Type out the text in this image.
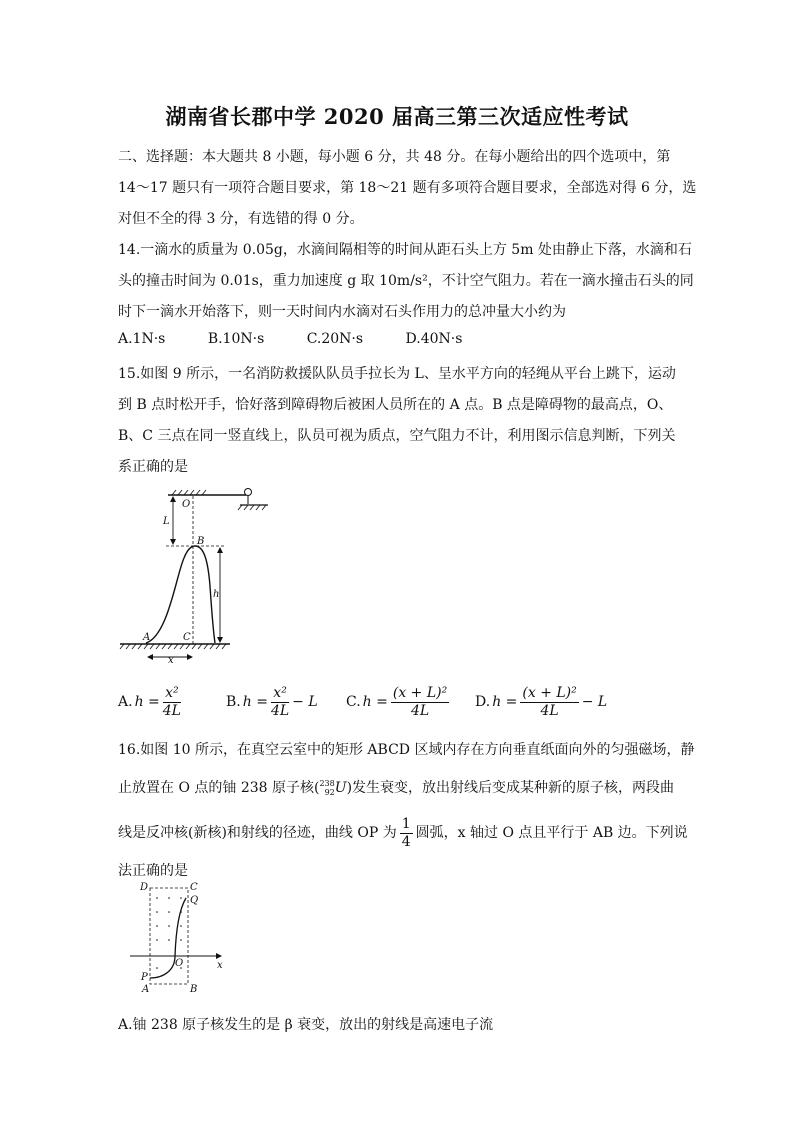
湖南省长郡中学 2020 届高三第三次适应性考试
二、选择题：本大题共 8 小题，每小题 6 分，共 48 分。在每小题给出的四个选项中，第
14～17 题只有一项符合题目要求，第 18～21 题有多项符合题目要求，全部选对得 6 分，选
对但不全的得 3 分，有选错的得 0 分。
14.一滴水的质量为 0.05g，水滴间隔相等的时间从距石头上方 5m 处由静止下落，水滴和石
头的撞击时间为 0.01s，重力加速度 g 取 10m/s²，不计空气阻力。若在一滴水撞击石头的同
时下一滴水开始落下，则一天时间内水滴对石头作用力的总冲量大小约为
A.1N·s	B.10N·s	C.20N·s	D.40N·s
15.如图 9 所示，一名消防救援队队员手拉长为 L、呈水平方向的轻绳从平台上跳下，运动
到 B 点时松开手，恰好落到障碍物后被困人员所在的 A 点。B 点是障碍物的最高点，O、
B、C 三点在同一竖直线上，队员可视为质点，空气阻力不计，利用图示信息判断，下列关
系正确的是
O
L
B
h
A	C
x
A. $h = \frac{\text{x²}}{4L}$	B. $h = \frac{\text{x²}}{4L} - L$ C. $h = \frac{\text{(x + L)²}}{4L} D$. $h = \frac{\text{(x + L)²}}{4L} - L$
16.如图 10 所示，在真空云室中的矩形 ABCD 区域内存在方向垂直纸面向外的匀强磁场，静
止放置在 O 点的铀 238 原子核( 238
92 U)发生衰变，放出射线后变成某种新的原子核，两段曲
线是反冲核(新核)和射线的径迹，曲线 OP 为 $\frac{1}{4}$ 圆弧，x 轴过 O 点且平行于 AB 边。下列说
法正确的是
D	C
Q
O	x
P
A	B
A.铀 238 原子核发生的是 β 衰变，放出的射线是高速电子流
